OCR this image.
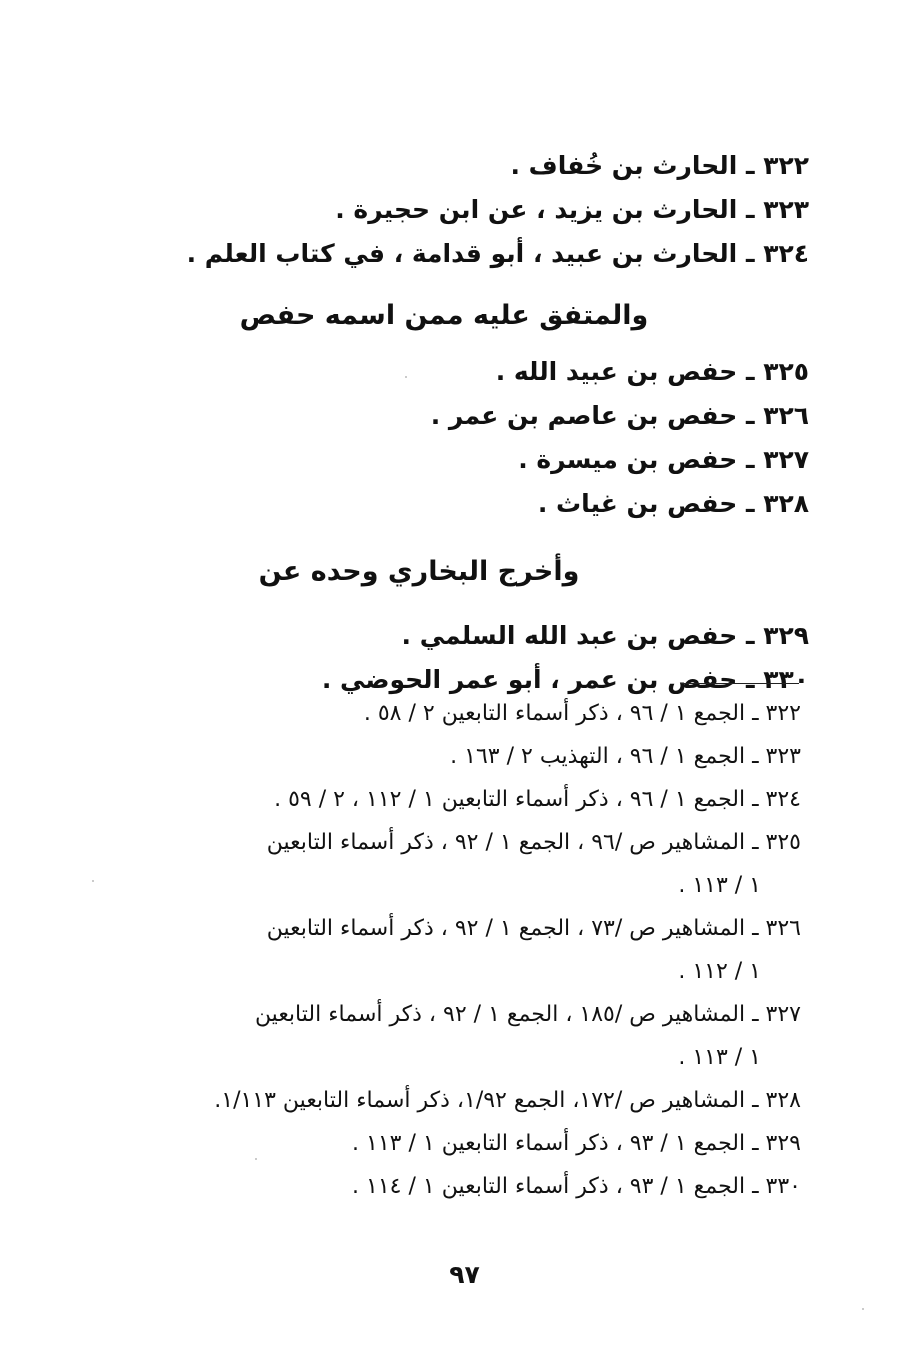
٣٢٢ ـ الحارث بن خُفاف .
٣٢٣ ـ الحارث بن يزيد ، عن ابن حجيرة .
٣٢٤ ـ الحارث بن عبيد ، أبو قدامة ، في كتاب العلم .
والمتفق عليه ممن اسمه حفص
٣٢٥ ـ حفص بن عبيد الله .
٣٢٦ ـ حفص بن عاصم بن عمر .
٣٢٧ ـ حفص بن ميسرة .
٣٢٨ ـ حفص بن غياث .
وأخرج البخاري وحده عن
٣٢٩ ـ حفص بن عبد الله السلمي .
٣٣٠ ـ حفص بن عمر ، أبو عمر الحوضي .
٣٢٢ ـ الجمع ١ / ٩٦ ، ذكر أسماء التابعين ٢ / ٥٨ .
٣٢٣ ـ الجمع ١ / ٩٦ ، التهذيب ٢ / ١٦٣ .
٣٢٤ ـ الجمع ١ / ٩٦ ، ذكر أسماء التابعين ١ / ١١٢ ، ٢ / ٥٩ .
٣٢٥ ـ المشاهير ص /٩٦ ، الجمع ١ / ٩٢ ، ذكر أسماء التابعين
١ / ١١٣ .
٣٢٦ ـ المشاهير ص /٧٣ ، الجمع ١ / ٩٢ ، ذكر أسماء التابعين
١ / ١١٢ .
٣٢٧ ـ المشاهير ص /١٨٥ ، الجمع ١ / ٩٢ ، ذكر أسماء التابعين
١ / ١١٣ .
٣٢٨ ـ المشاهير ص /١٧٢، الجمع ١/٩٢، ذكر أسماء التابعين ١/١١٣.
٣٢٩ ـ الجمع ١ / ٩٣ ، ذكر أسماء التابعين ١ / ١١٣ .
٣٣٠ ـ الجمع ١ / ٩٣ ، ذكر أسماء التابعين ١ / ١١٤ .
٩٧
